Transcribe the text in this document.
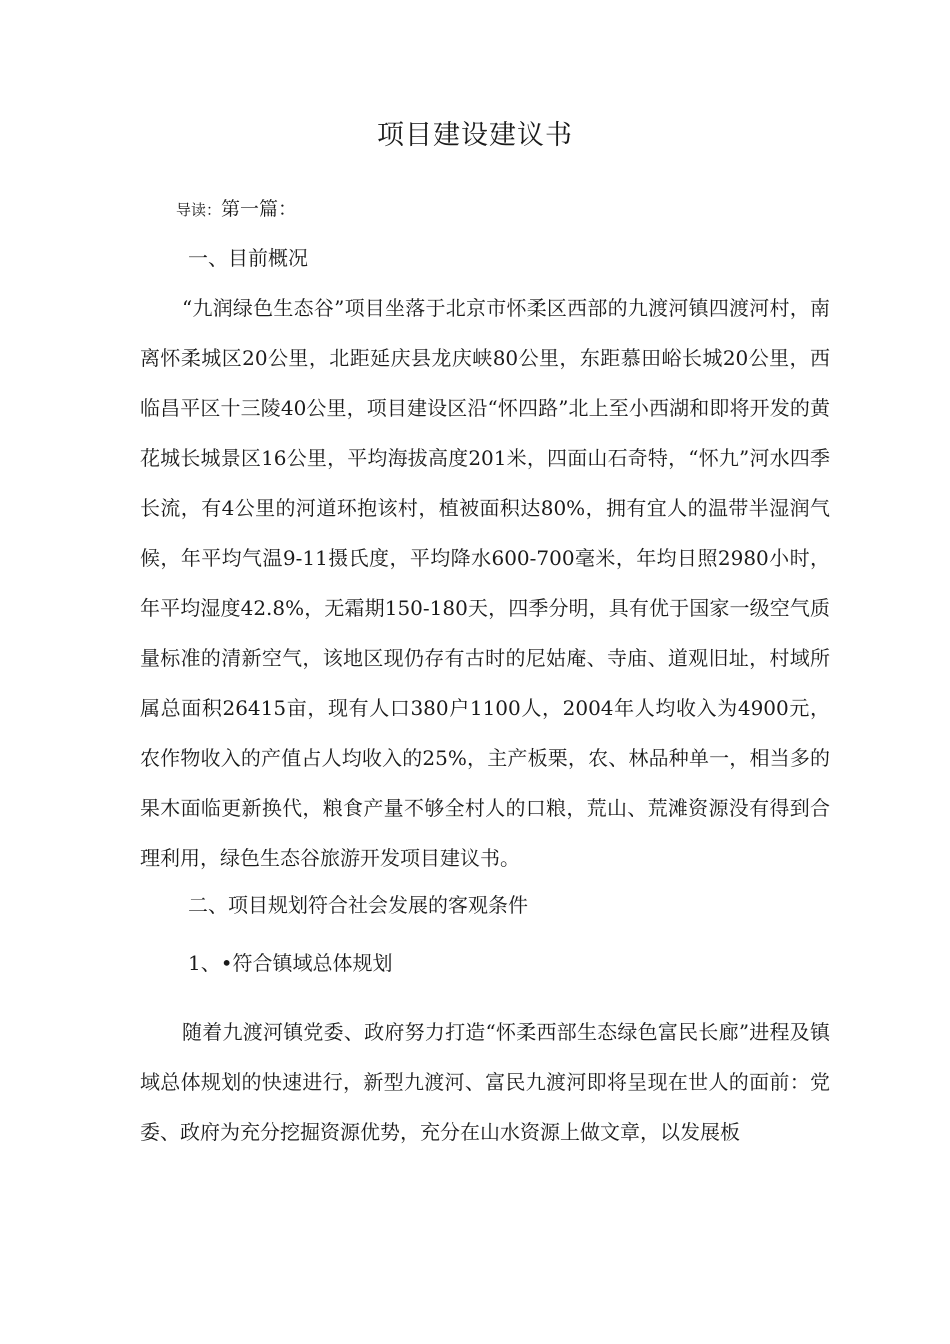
项目建设建议书
导读：第一篇：
一、目前概况
“九润绿色生态谷”项目坐落于北京市怀柔区西部的九渡河镇四渡河村，南离怀柔城区20公里，北距延庆县龙庆峡80公里，东距慕田峪长城20公里，西临昌平区十三陵40公里，项目建设区沿“怀四路”北上至小西湖和即将开发的黄花城长城景区16公里，平均海拔高度201米，四面山石奇特，“怀九”河水四季长流，有4公里的河道环抱该村，植被面积达80%，拥有宜人的温带半湿润气候，年平均气温9-11摄氏度，平均降水600-700毫米，年均日照2980小时，年平均湿度42.8%，无霜期150-180天，四季分明，具有优于国家一级空气质量标准的清新空气，该地区现仍存有古时的尼姑庵、寺庙、道观旧址，村域所属总面积26415亩，现有人口380户1100人，2004年人均收入为4900元，农作物收入的产值占人均收入的25%，主产板栗，农、林品种单一，相当多的果木面临更新换代，粮食产量不够全村人的口粮，荒山、荒滩资源没有得到合理利用，绿色生态谷旅游开发项目建议书。
二、项目规划符合社会发展的客观条件
1、•符合镇域总体规划
随着九渡河镇党委、政府努力打造“怀柔西部生态绿色富民长廊”进程及镇域总体规划的快速进行，新型九渡河、富民九渡河即将呈现在世人的面前：党委、政府为充分挖掘资源优势，充分在山水资源上做文章，以发展板
